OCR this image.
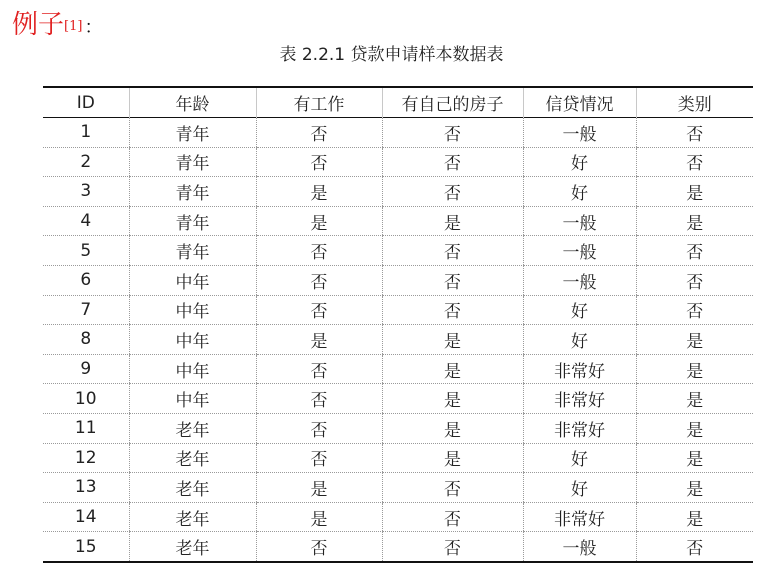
例子[1] ：
表 2.2.1 贷款申请样本数据表
ID	年龄	有工作	有自己的房子	信贷情况	类别
1	青年	否	否	一般	否
2	青年	否	否	好	否
3	青年	是	否	好	是
4	青年	是	是	一般	是
5	青年	否	否	一般	否
6	中年	否	否	一般	否
7	中年	否	否	好	否
8	中年	是	是	好	是
9	中年	否	是	非常好	是
10	中年	否	是	非常好	是
11	老年	否	是	非常好	是
12	老年	否	是	好	是
13	老年	是	否	好	是
14	老年	是	否	非常好	是
15	老年	否	否	一般	否
